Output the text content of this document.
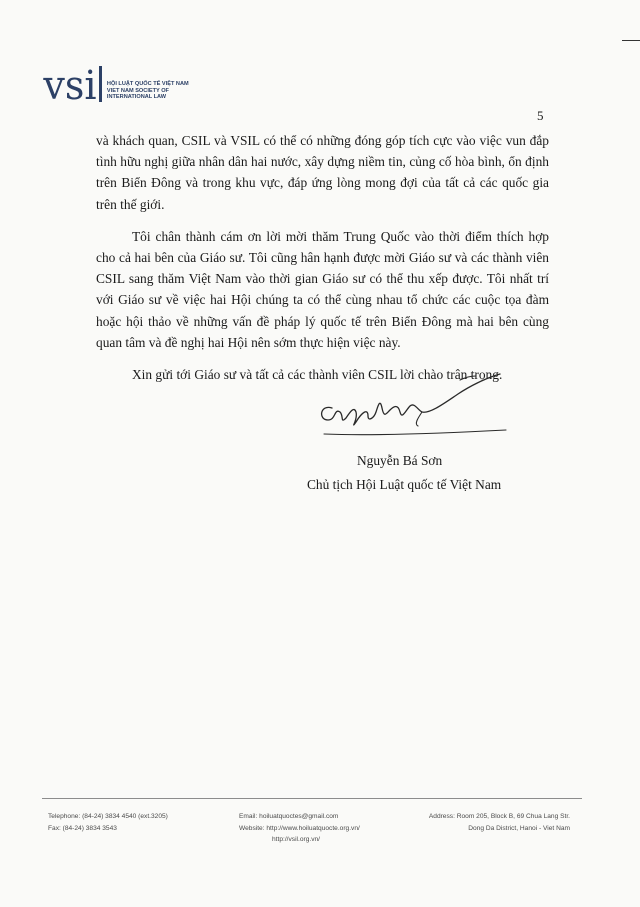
vsi HỘI LUẬT QUỐC TẾ VIỆT NAM
VIET NAM SOCIETY OF
INTERNATIONAL LAW
5

và khách quan, CSIL và VSIL có thể có những đóng góp tích cực vào việc vun đắp tình hữu nghị giữa nhân dân hai nước, xây dựng niềm tin, củng cố hòa bình, ổn định trên Biển Đông và trong khu vực, đáp ứng lòng mong đợi của tất cả các quốc gia trên thế giới.

Tôi chân thành cám ơn lời mời thăm Trung Quốc vào thời điểm thích hợp cho cả hai bên của Giáo sư. Tôi cũng hân hạnh được mời Giáo sư và các thành viên CSIL sang thăm Việt Nam vào thời gian Giáo sư có thể thu xếp được. Tôi nhất trí với Giáo sư về việc hai Hội chúng ta có thể cùng nhau tổ chức các cuộc tọa đàm hoặc hội thảo về những vấn đề pháp lý quốc tế trên Biển Đông mà hai bên cùng quan tâm và đề nghị hai Hội nên sớm thực hiện việc này.

Xin gửi tới Giáo sư và tất cả các thành viên CSIL lời chào trân trọng.

Nguyễn Bá Sơn
Chủ tịch Hội Luật quốc tế Việt Nam
Telephone: (84-24) 3834 4540 (ext.3205)
Fax: (84-24) 3834 3543
Email: hoiluatquoctes@gmail.com
Website: http://www.hoiluatquocte.org.vn/
http://vsil.org.vn/
Address: Room 205, Block B, 69 Chua Lang Str.
Dong Da District, Hanoi - Viet Nam
